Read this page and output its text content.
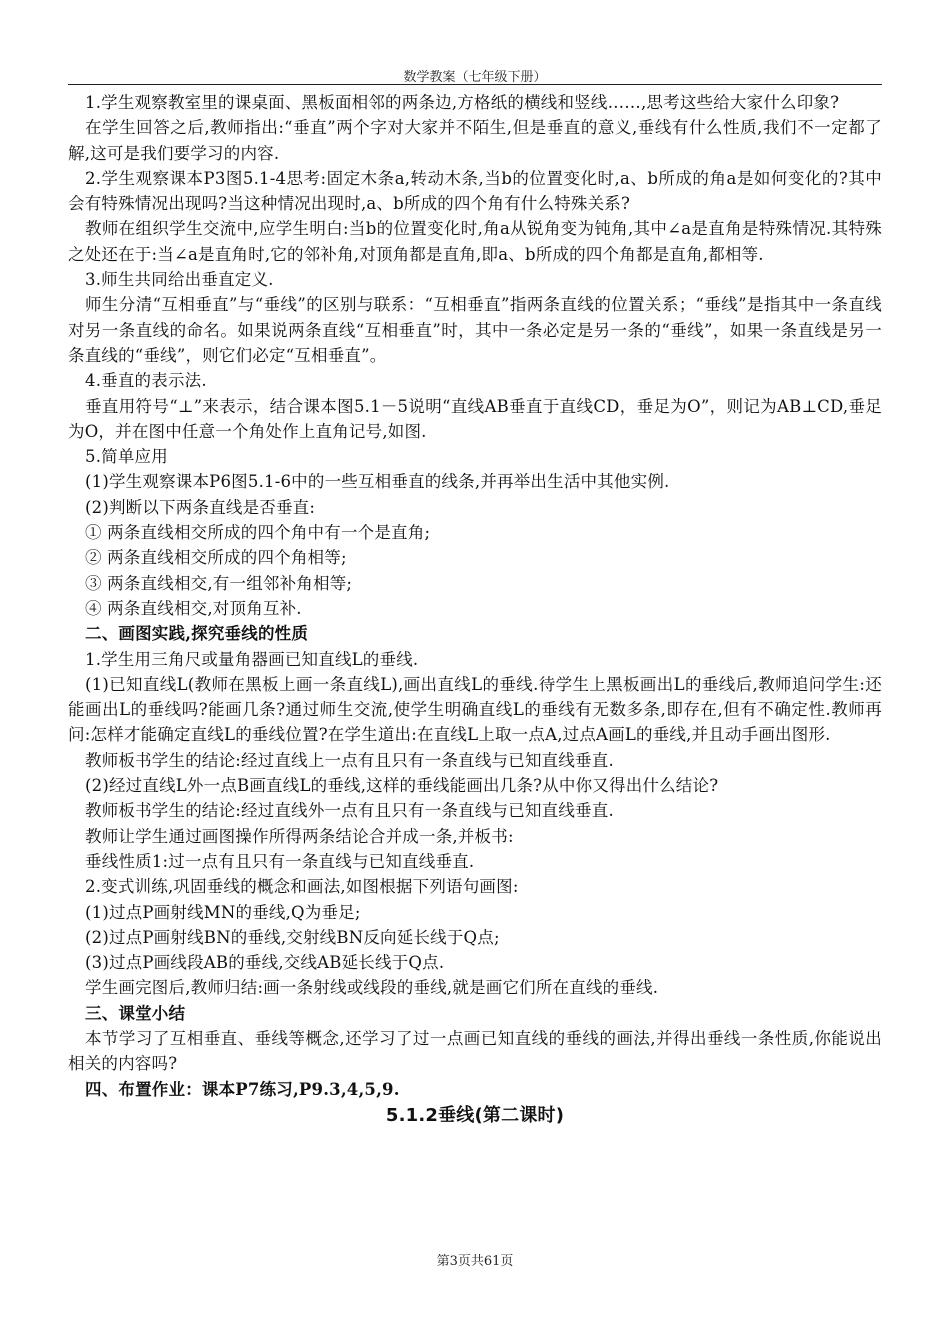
数学教案（七年级下册）

1.学生观察教室里的课桌面、黑板面相邻的两条边,方格纸的横线和竖线……,思考这些给大家什么印象?

在学生回答之后,教师指出:“垂直”两个字对大家并不陌生,但是垂直的意义,垂线有什么性质,我们不一定都了解,这可是我们要学习的内容.

2.学生观察课本P3图5.1-4思考:固定木条a,转动木条,当b的位置变化时,a、b所成的角a是如何变化的?其中会有特殊情况出现吗?当这种情况出现时,a、b所成的四个角有什么特殊关系?

教师在组织学生交流中,应学生明白:当b的位置变化时,角a从锐角变为钝角,其中∠a是直角是特殊情况.其特殊之处还在于:当∠a是直角时,它的邻补角,对顶角都是直角,即a、b所成的四个角都是直角,都相等.

3.师生共同给出垂直定义.

师生分清“互相垂直”与“垂线”的区别与联系：“互相垂直”指两条直线的位置关系；“垂线”是指其中一条直线对另一条直线的命名。如果说两条直线“互相垂直”时，其中一条必定是另一条的“垂线”，如果一条直线是另一条直线的“垂线”，则它们必定“互相垂直”。

4.垂直的表示法.

垂直用符号“⊥”来表示，结合课本图5.1－5说明“直线AB垂直于直线CD，垂足为O”，则记为AB⊥CD,垂足为O，并在图中任意一个角处作上直角记号,如图.

5.简单应用

(1)学生观察课本P6图5.1-6中的一些互相垂直的线条,并再举出生活中其他实例.

(2)判断以下两条直线是否垂直:

① 两条直线相交所成的四个角中有一个是直角;

② 两条直线相交所成的四个角相等;

③ 两条直线相交,有一组邻补角相等;

④ 两条直线相交,对顶角互补.

二、画图实践,探究垂线的性质

1.学生用三角尺或量角器画已知直线L的垂线.

(1)已知直线L(教师在黑板上画一条直线L),画出直线L的垂线.待学生上黑板画出L的垂线后,教师追问学生:还能画出L的垂线吗?能画几条?通过师生交流,使学生明确直线L的垂线有无数多条,即存在,但有不确定性.教师再问:怎样才能确定直线L的垂线位置?在学生道出:在直线L上取一点A,过点A画L的垂线,并且动手画出图形.

教师板书学生的结论:经过直线上一点有且只有一条直线与已知直线垂直.

(2)经过直线L外一点B画直线L的垂线,这样的垂线能画出几条?从中你又得出什么结论?

教师板书学生的结论:经过直线外一点有且只有一条直线与已知直线垂直.

教师让学生通过画图操作所得两条结论合并成一条,并板书:

垂线性质1:过一点有且只有一条直线与已知直线垂直.

2.变式训练,巩固垂线的概念和画法,如图根据下列语句画图:

(1)过点P画射线MN的垂线,Q为垂足;

(2)过点P画射线BN的垂线,交射线BN反向延长线于Q点;

(3)过点P画线段AB的垂线,交线AB延长线于Q点.

学生画完图后,教师归结:画一条射线或线段的垂线,就是画它们所在直线的垂线.

三、课堂小结

本节学习了互相垂直、垂线等概念,还学习了过一点画已知直线的垂线的画法,并得出垂线一条性质,你能说出相关的内容吗?

四、布置作业：课本P7练习,P9.3,4,5,9.

5.1.2垂线(第二课时)

第3页共61页
